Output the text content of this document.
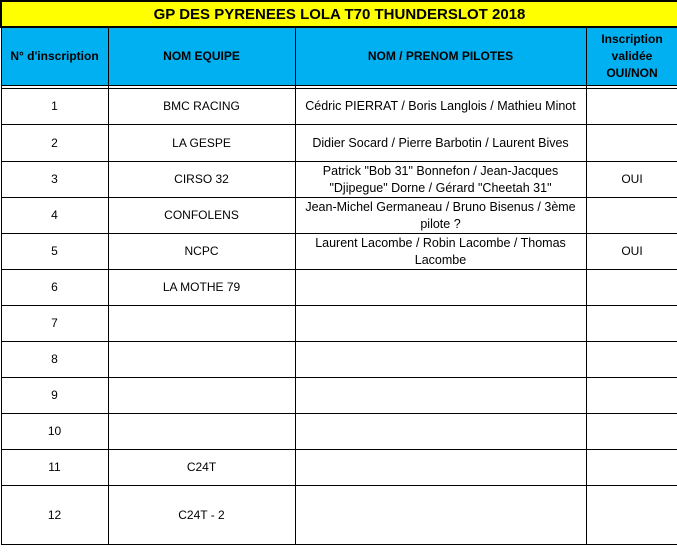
GP DES PYRENEES LOLA T70 THUNDERSLOT 2018			
N° d'inscription	NOM EQUIPE	NOM / PRENOM PILOTES	Inscription validée OUI/NON

1	BMC RACING	Cédric PIERRAT / Boris Langlois / Mathieu Minot	
2	LA GESPE	Didier Socard / Pierre Barbotin / Laurent Bives	
3	CIRSO 32	Patrick "Bob 31" Bonnefon / Jean-Jacques "Djipegue" Dorne / Gérard "Cheetah 31"	OUI
4	CONFOLENS	Jean-Michel Germaneau / Bruno Bisenus / 3ème pilote ?	
5	NCPC	Laurent Lacombe / Robin Lacombe / Thomas Lacombe	OUI
6	LA MOTHE 79		
7			
8			
9			
10			
11	C24T		
12	C24T - 2		
